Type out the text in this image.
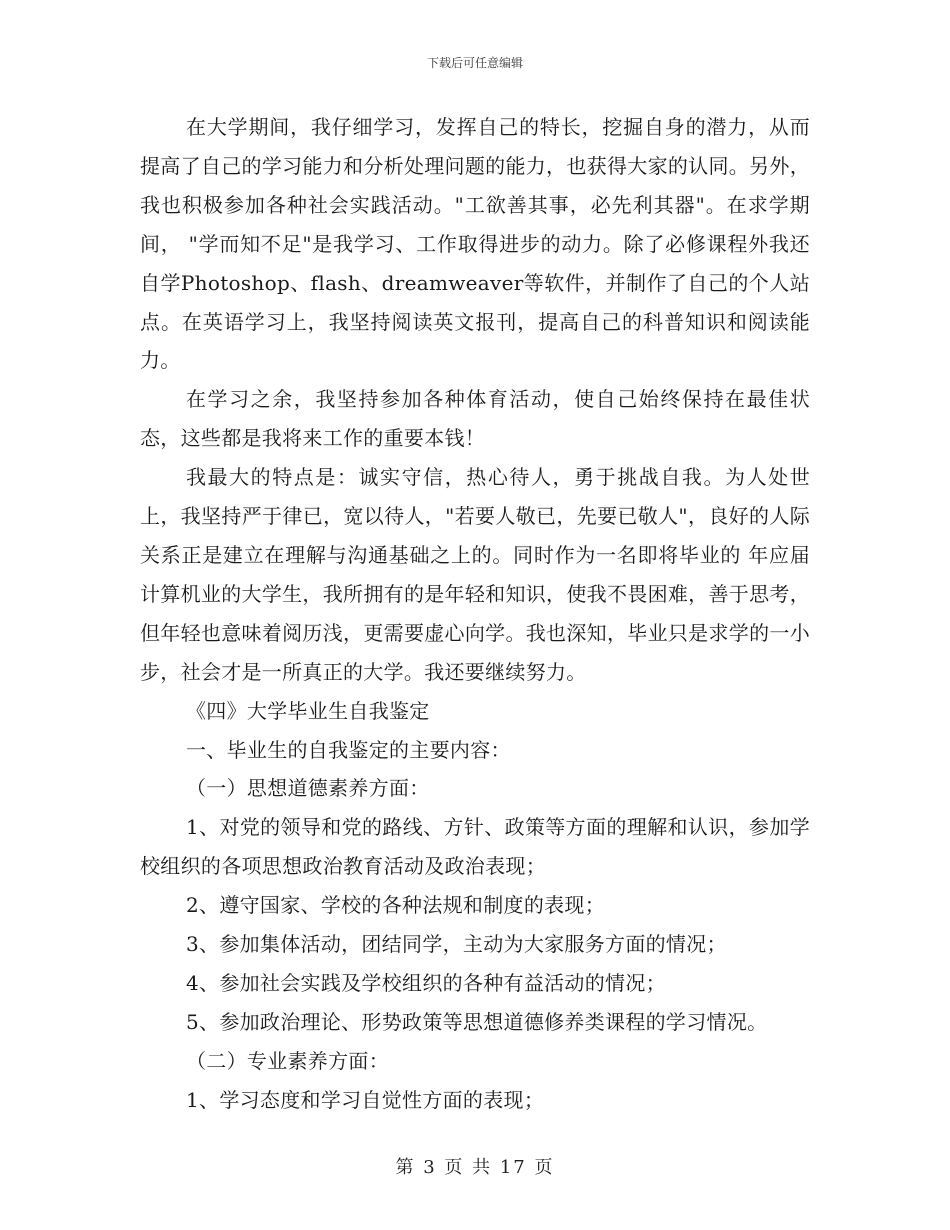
下载后可任意编辑

在大学期间，我仔细学习，发挥自己的特长，挖掘自身的潜力，从而提高了自己的学习能力和分析处理问题的能力，也获得大家的认同。另外，我也积极参加各种社会实践活动。"工欲善其事，必先利其器"。在求学期间， "学而知不足"是我学习、工作取得进步的动力。除了必修课程外我还自学Photoshop、flash、dreamweaver等软件，并制作了自己的个人站点。在英语学习上，我坚持阅读英文报刊，提高自己的科普知识和阅读能力。

在学习之余，我坚持参加各种体育活动，使自己始终保持在最佳状态，这些都是我将来工作的重要本钱！

我最大的特点是：诚实守信，热心待人，勇于挑战自我。为人处世上，我坚持严于律已，宽以待人，"若要人敬已，先要已敬人"，良好的人际关系正是建立在理解与沟通基础之上的。同时作为一名即将毕业的 年应届计算机业的大学生，我所拥有的是年轻和知识，使我不畏困难，善于思考，但年轻也意味着阅历浅，更需要虚心向学。我也深知，毕业只是求学的一小步，社会才是一所真正的大学。我还要继续努力。

《四》大学毕业生自我鉴定

一、毕业生的自我鉴定的主要内容：

（一）思想道德素养方面：

1、对党的领导和党的路线、方针、政策等方面的理解和认识，参加学校组织的各项思想政治教育活动及政治表现；

2、遵守国家、学校的各种法规和制度的表现；

3、参加集体活动，团结同学，主动为大家服务方面的情况；

4、参加社会实践及学校组织的各种有益活动的情况；

5、参加政治理论、形势政策等思想道德修养类课程的学习情况。

（二）专业素养方面：

1、学习态度和学习自觉性方面的表现；

第 3 页 共 17 页
